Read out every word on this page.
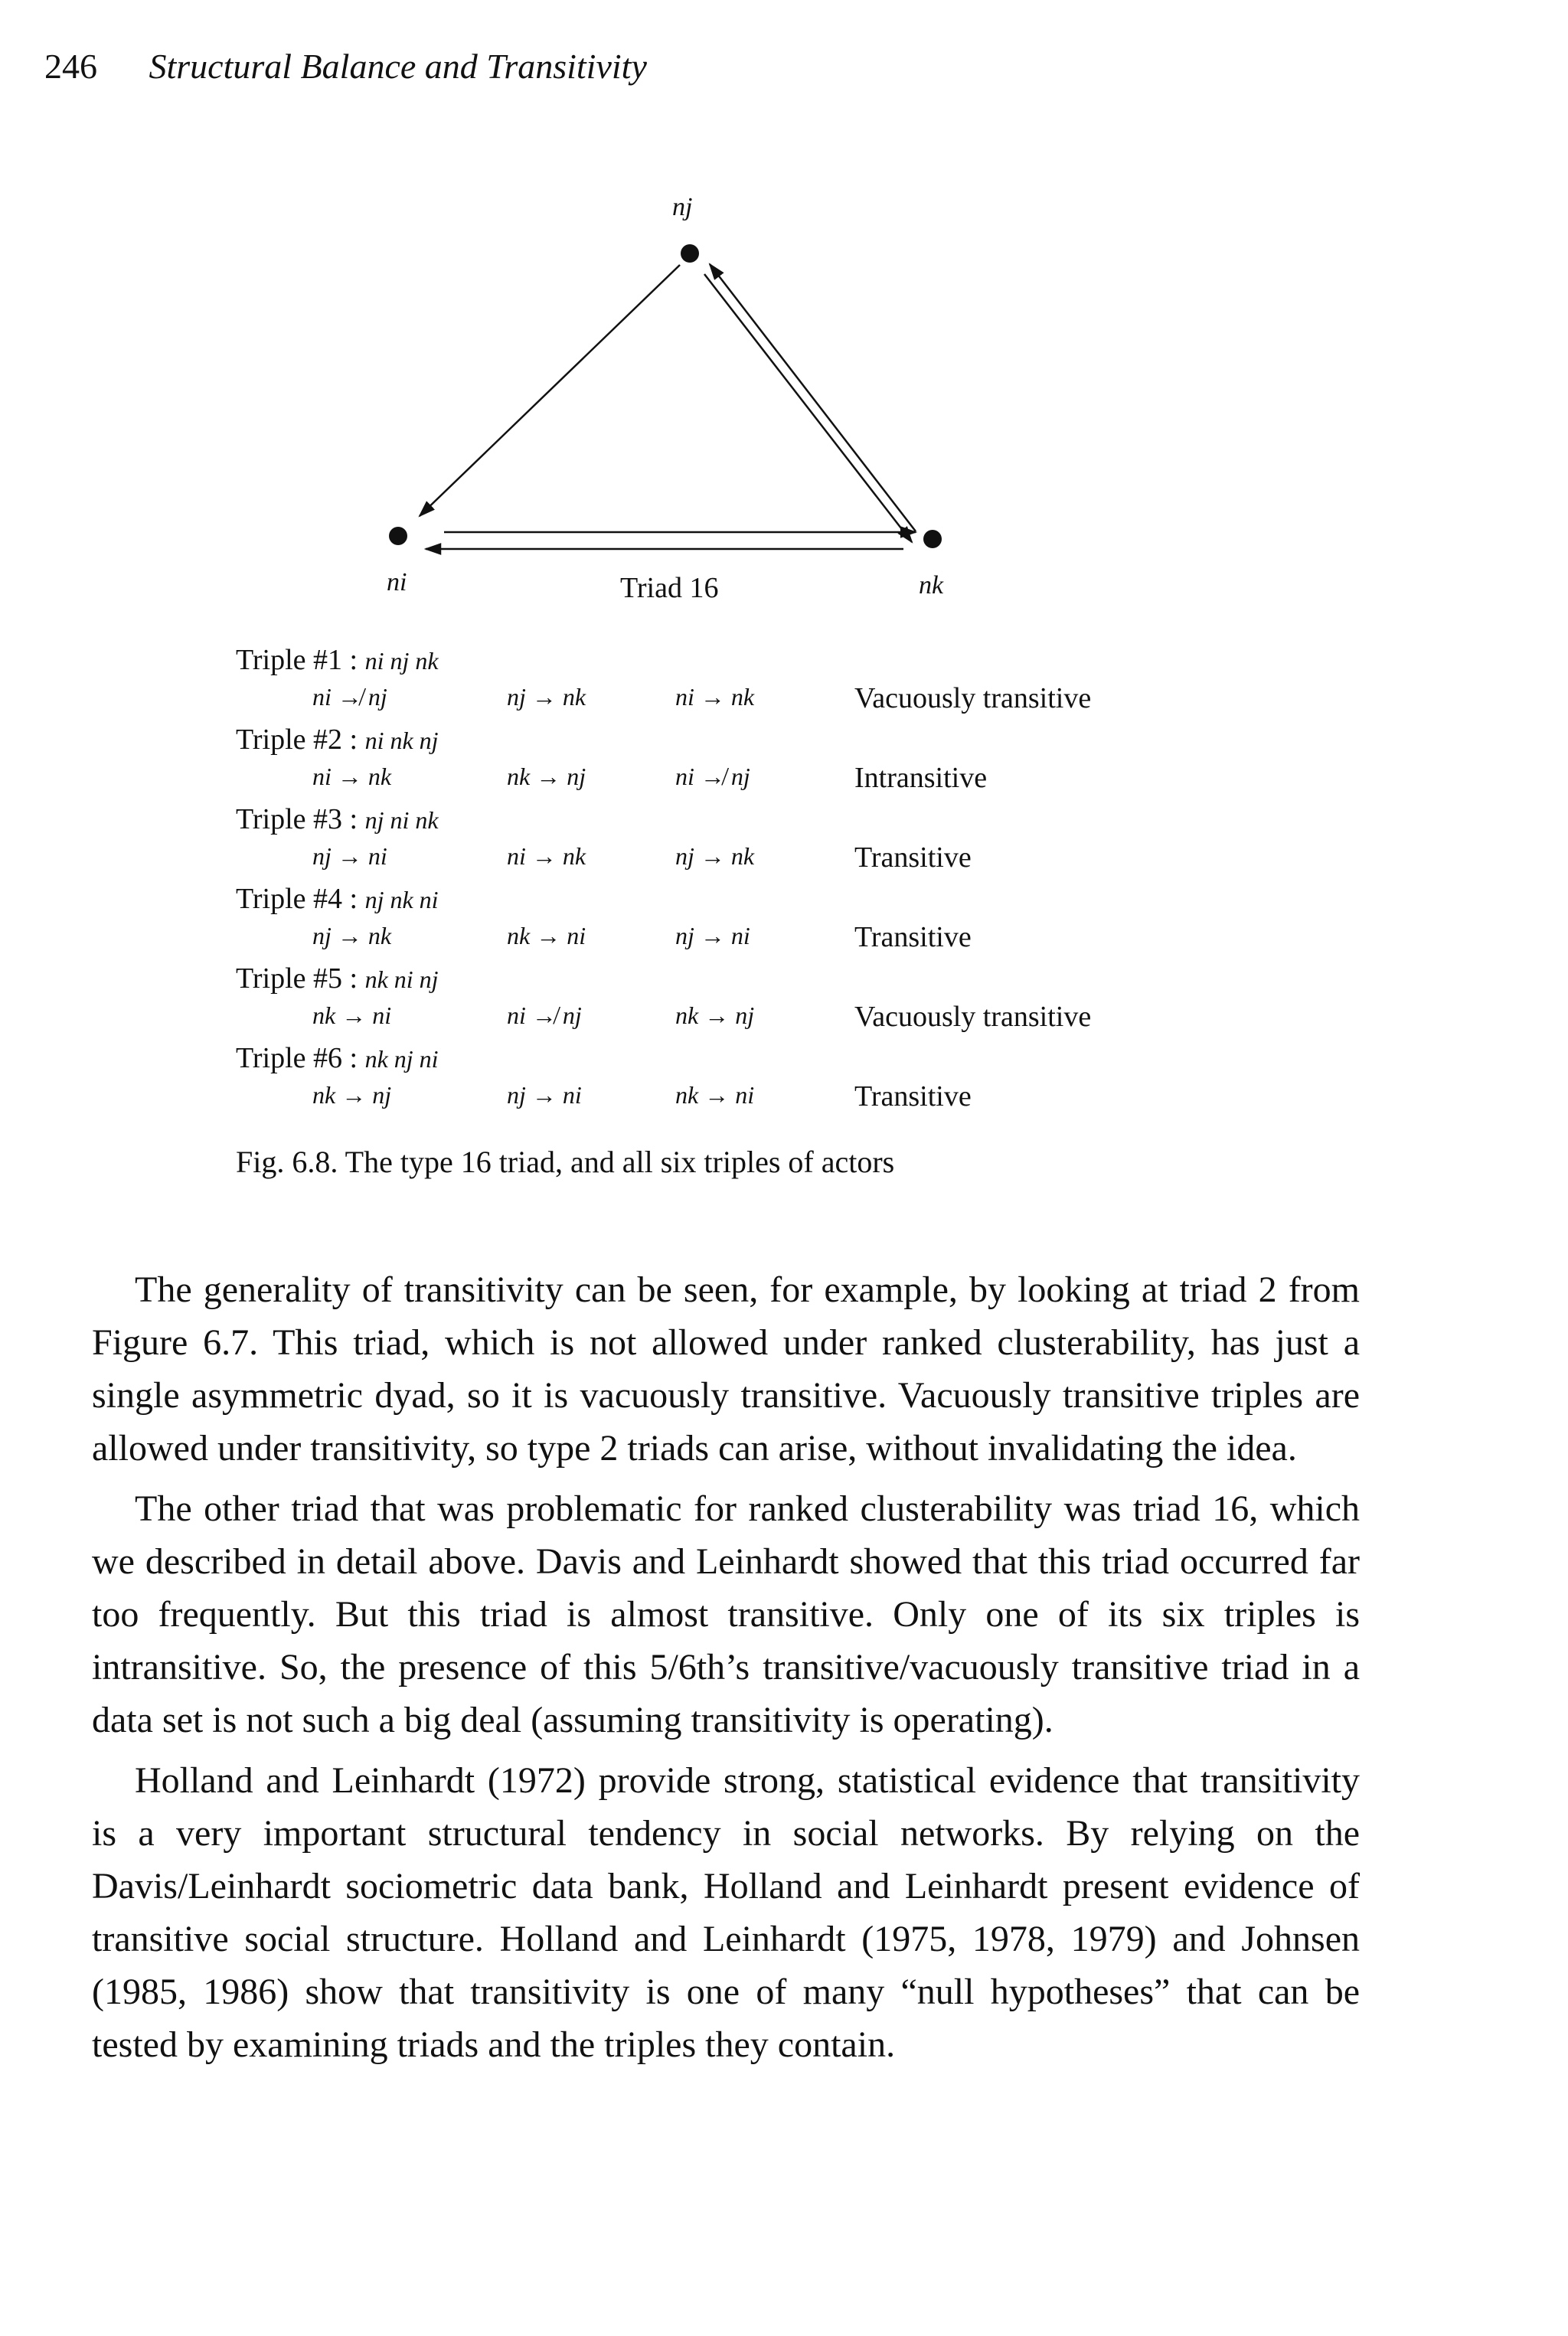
246 Structural Balance and Transitivity
nj
ni	nk
Triad 16
Triple #1 : ni nj nk
ni ↛ nj	nj → nk	ni → nk	Vacuously transitive
Triple #2 : ni nk nj
ni → nk	nk → nj	ni ↛ nj	Intransitive
Triple #3 : nj ni nk
nj → ni	ni → nk	nj → nk	Transitive
Triple #4 : nj nk ni
nj → nk	nk → ni	nj → ni	Transitive
Triple #5 : nk ni nj
nk → ni	ni ↛ nj	nk → nj	Vacuously transitive
Triple #6 : nk nj ni
nk → nj	nj → ni	nk → ni	Transitive
Fig. 6.8. The type 16 triad, and all six triples of actors

The generality of transitivity can be seen, for example, by looking at triad 2 from Figure 6.7. This triad, which is not allowed under ranked clusterability, has just a single asymmetric dyad, so it is vacuously transitive. Vacuously transitive triples are allowed under transitivity, so type 2 triads can arise, without invalidating the idea.

The other triad that was problematic for ranked clusterability was triad 16, which we described in detail above. Davis and Leinhardt showed that this triad occurred far too frequently. But this triad is almost transitive. Only one of its six triples is intransitive. So, the presence of this 5/6th’s transitive/vacuously transitive triad in a data set is not such a big deal (assuming transitivity is operating).

Holland and Leinhardt (1972) provide strong, statistical evidence that transitivity is a very important structural tendency in social networks. By relying on the Davis/Leinhardt sociometric data bank, Holland and Leinhardt present evidence of transitive social structure. Holland and Leinhardt (1975, 1978, 1979) and Johnsen (1985, 1986) show that transitivity is one of many “null hypotheses” that can be tested by examining triads and the triples they contain.
